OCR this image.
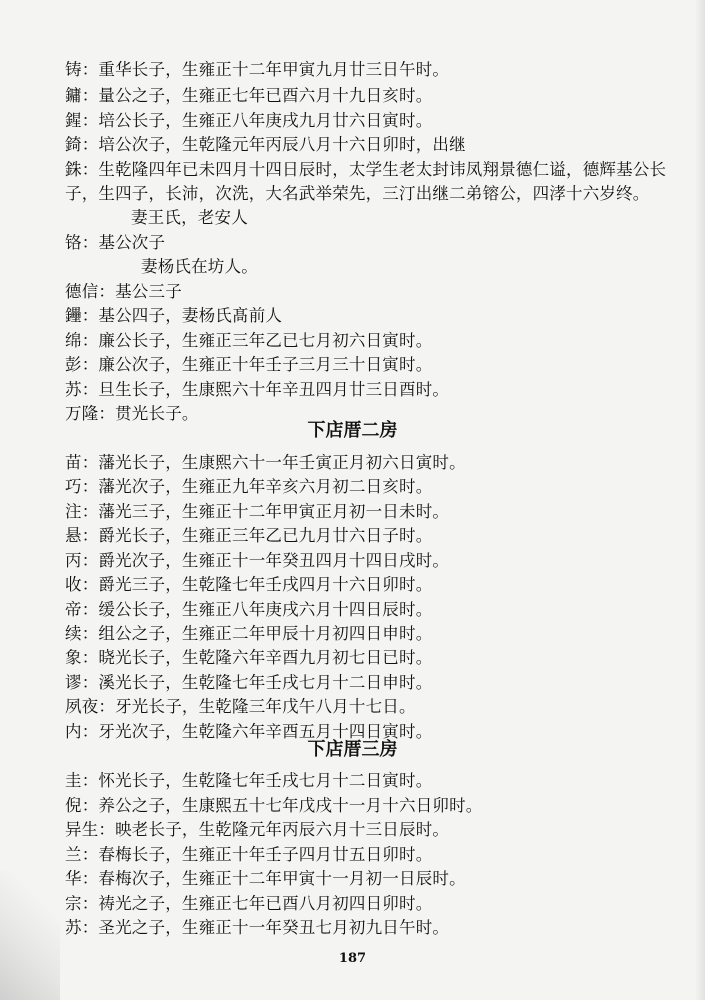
铸：重华长子，生雍正十二年甲寅九月廿三日午时。
鏞：量公之子，生雍正七年已酉六月十九日亥时。
鍟：培公长子，生雍正八年庚戌九月廿六日寅时。
錡：培公次子，生乾隆元年丙辰八月十六日卯时，出继
銖：生乾隆四年已未四月十四日辰时，太学生老太封讳凤翔景德仁谥，德辉基公长
子，生四子，长沛，次洗，大名武举荣先，三汀出继二弟镕公，四涍十六岁终。
妻王氏，老安人
铬：基公次子
妻杨氏在坊人。
德信：基公三子
鑸：基公四子，妻杨氏髙前人
绵：廉公长子，生雍正三年乙已七月初六日寅时。
彭：廉公次子，生雍正十年壬子三月三十日寅时。
苏：旦生长子，生康熙六十年辛丑四月廿三日酉时。
万隆：贯光长子。
下店厝二房
苗：藩光长子，生康熙六十一年壬寅正月初六日寅时。
巧：藩光次子，生雍正九年辛亥六月初二日亥时。
注：藩光三子，生雍正十二年甲寅正月初一日未时。
悬：爵光长子，生雍正三年乙已九月廿六日子时。
丙：爵光次子，生雍正十一年癸丑四月十四日戌时。
收：爵光三子，生乾隆七年壬戌四月十六日卯时。
帝：缓公长子，生雍正八年庚戌六月十四日辰时。
续：组公之子，生雍正二年甲辰十月初四日申时。
象：晓光长子，生乾隆六年辛酉九月初七日已时。
谬：溪光长子，生乾隆七年壬戌七月十二日申时。
夙夜：牙光长子，生乾隆三年戊午八月十七日。
内：牙光次子，生乾隆六年辛酉五月十四日寅时。
下店厝三房
圭：怀光长子，生乾隆七年壬戌七月十二日寅时。
倪：养公之子，生康熙五十七年戊戌十一月十六日卯时。
异生：映老长子，生乾隆元年丙辰六月十三日辰时。
兰：春梅长子，生雍正十年壬子四月廿五日卯时。
华：春梅次子，生雍正十二年甲寅十一月初一日辰时。
宗：祷光之子，生雍正七年已酉八月初四日卯时。
苏：圣光之子，生雍正十一年癸丑七月初九日午时。
187
